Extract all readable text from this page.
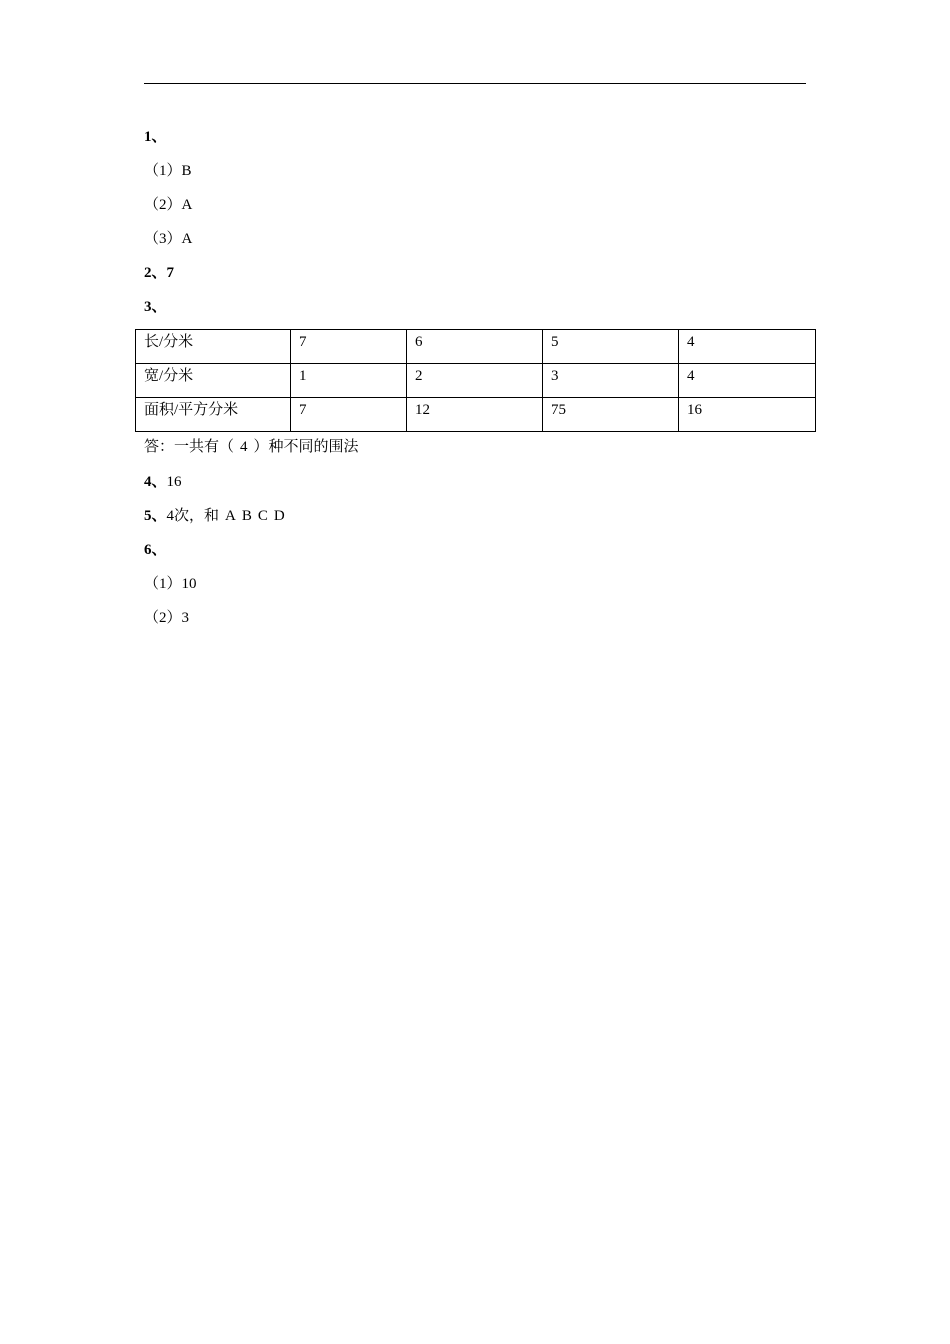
1、
（1）B
（2）A
（3）A
2、7
3、
长/分米	7	6	5	4
宽/分米	1	2	3	4
面积/平方分米	7	12	75	16
答：一共有（ 4 ）种不同的围法
4、16
5、4次，和 A B C D
6、
（1）10
（2）3
